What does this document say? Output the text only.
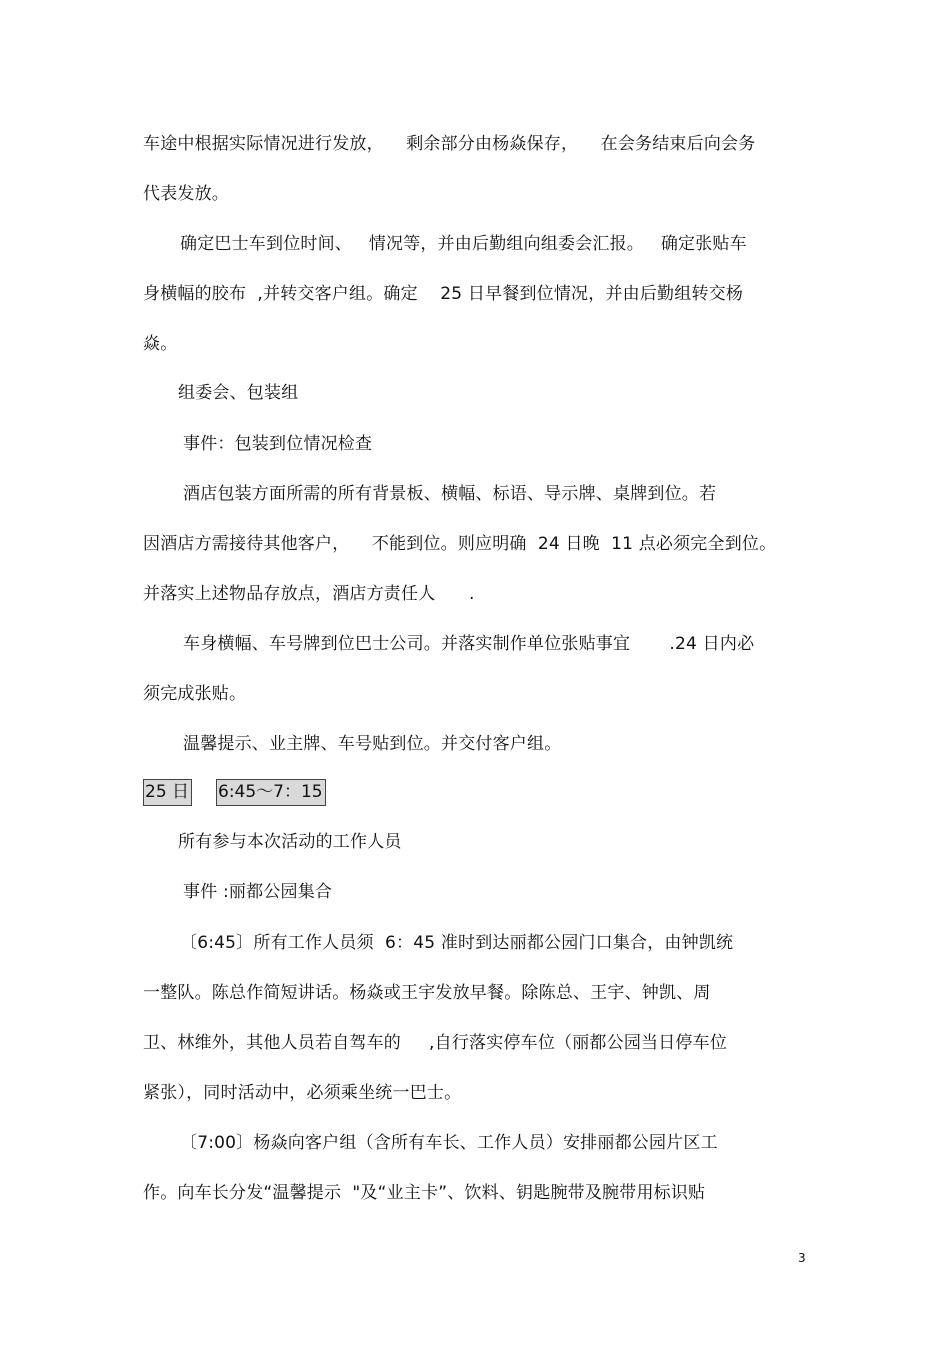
车途中根据实际情况进行发放，    剩余部分由杨焱保存，    在会务结束后向会务
代表发放。
确定巴士车到位时间、   情况等，并由后勤组向组委会汇报。   确定张贴车
身横幅的胶布  ,并转交客户组。确定    25 日早餐到位情况，并由后勤组转交杨
焱。
组委会、包装组
事件：包装到位情况检查
酒店包装方面所需的所有背景板、横幅、标语、导示牌、桌牌到位。若
因酒店方需接待其他客户，    不能到位。则应明确  24 日晚  11 点必须完全到位。
并落实上述物品存放点，酒店方责任人      .
车身横幅、车号牌到位巴士公司。并落实制作单位张贴事宜       .24 日内必
须完成张贴。
温馨提示、业主牌、车号贴到位。并交付客户组。
25 日 6:45～7：15
所有参与本次活动的工作人员
事件 :丽都公园集合
〔6:45〕所有工作人员须  6：45 准时到达丽都公园门口集合，由钟凯统
一整队。陈总作简短讲话。杨焱或王宇发放早餐。除陈总、王宇、钟凯、周
卫、林维外，其他人员若自驾车的     ,自行落实停车位（丽都公园当日停车位
紧张），同时活动中，必须乘坐统一巴士。
〔7:00〕杨焱向客户组（含所有车长、工作人员）安排丽都公园片区工
作。向车长分发“温馨提示  "及“业主卡”、饮料、钥匙腕带及腕带用标识贴
3
